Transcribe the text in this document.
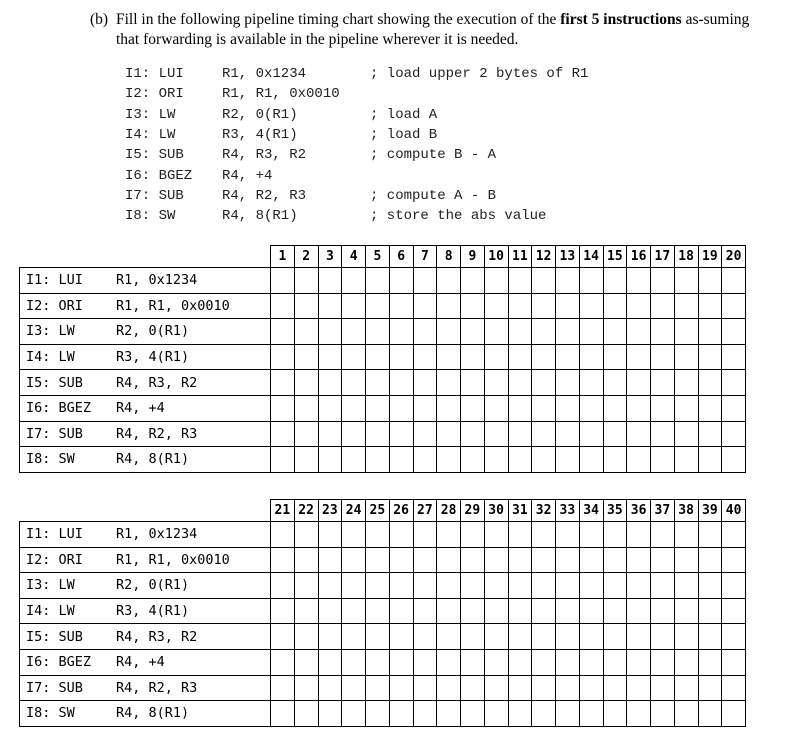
(b) Fill in the following pipeline timing chart showing the execution of the first 5 instructions as-suming that forwarding is available in the pipeline wherever it is needed.
I1: LUI	R1, 0x1234	; load upper 2 bytes of R1
I2: ORI	R1, R1, 0x0010
I3: LW	R2, 0(R1)	; load A
I4: LW	R3, 4(R1)	; load B
I5: SUB	R4, R3, R2	; compute B - A
I6: BGEZ R4, +4
I7: SUB	R4, R2, R3	; compute A - B
I8: SW	R4, 8(R1)	; store the abs value
	1	2	3	4	5	6	7	8	9	10	11	12	13	14	15	16	17	18	19	20
I1: LUI R1, 0x1234																				
I2: ORI R1, R1, 0x0010																				
I3: LW R2, 0(R1)																				
I4: LW R3, 4(R1)																				
I5: SUB R4, R3, R2																				
I6: BGEZ R4, +4																				
I7: SUB R4, R2, R3																				
I8: SW R4, 8(R1)																				
	21	22	23	24	25	26	27	28	29	30	31	32	33	34	35	36	37	38	39	40
I1: LUI R1, 0x1234																				
I2: ORI R1, R1, 0x0010																				
I3: LW R2, 0(R1)																				
I4: LW R3, 4(R1)																				
I5: SUB R4, R3, R2																				
I6: BGEZ R4, +4																				
I7: SUB R4, R2, R3																				
I8: SW R4, 8(R1)																				
